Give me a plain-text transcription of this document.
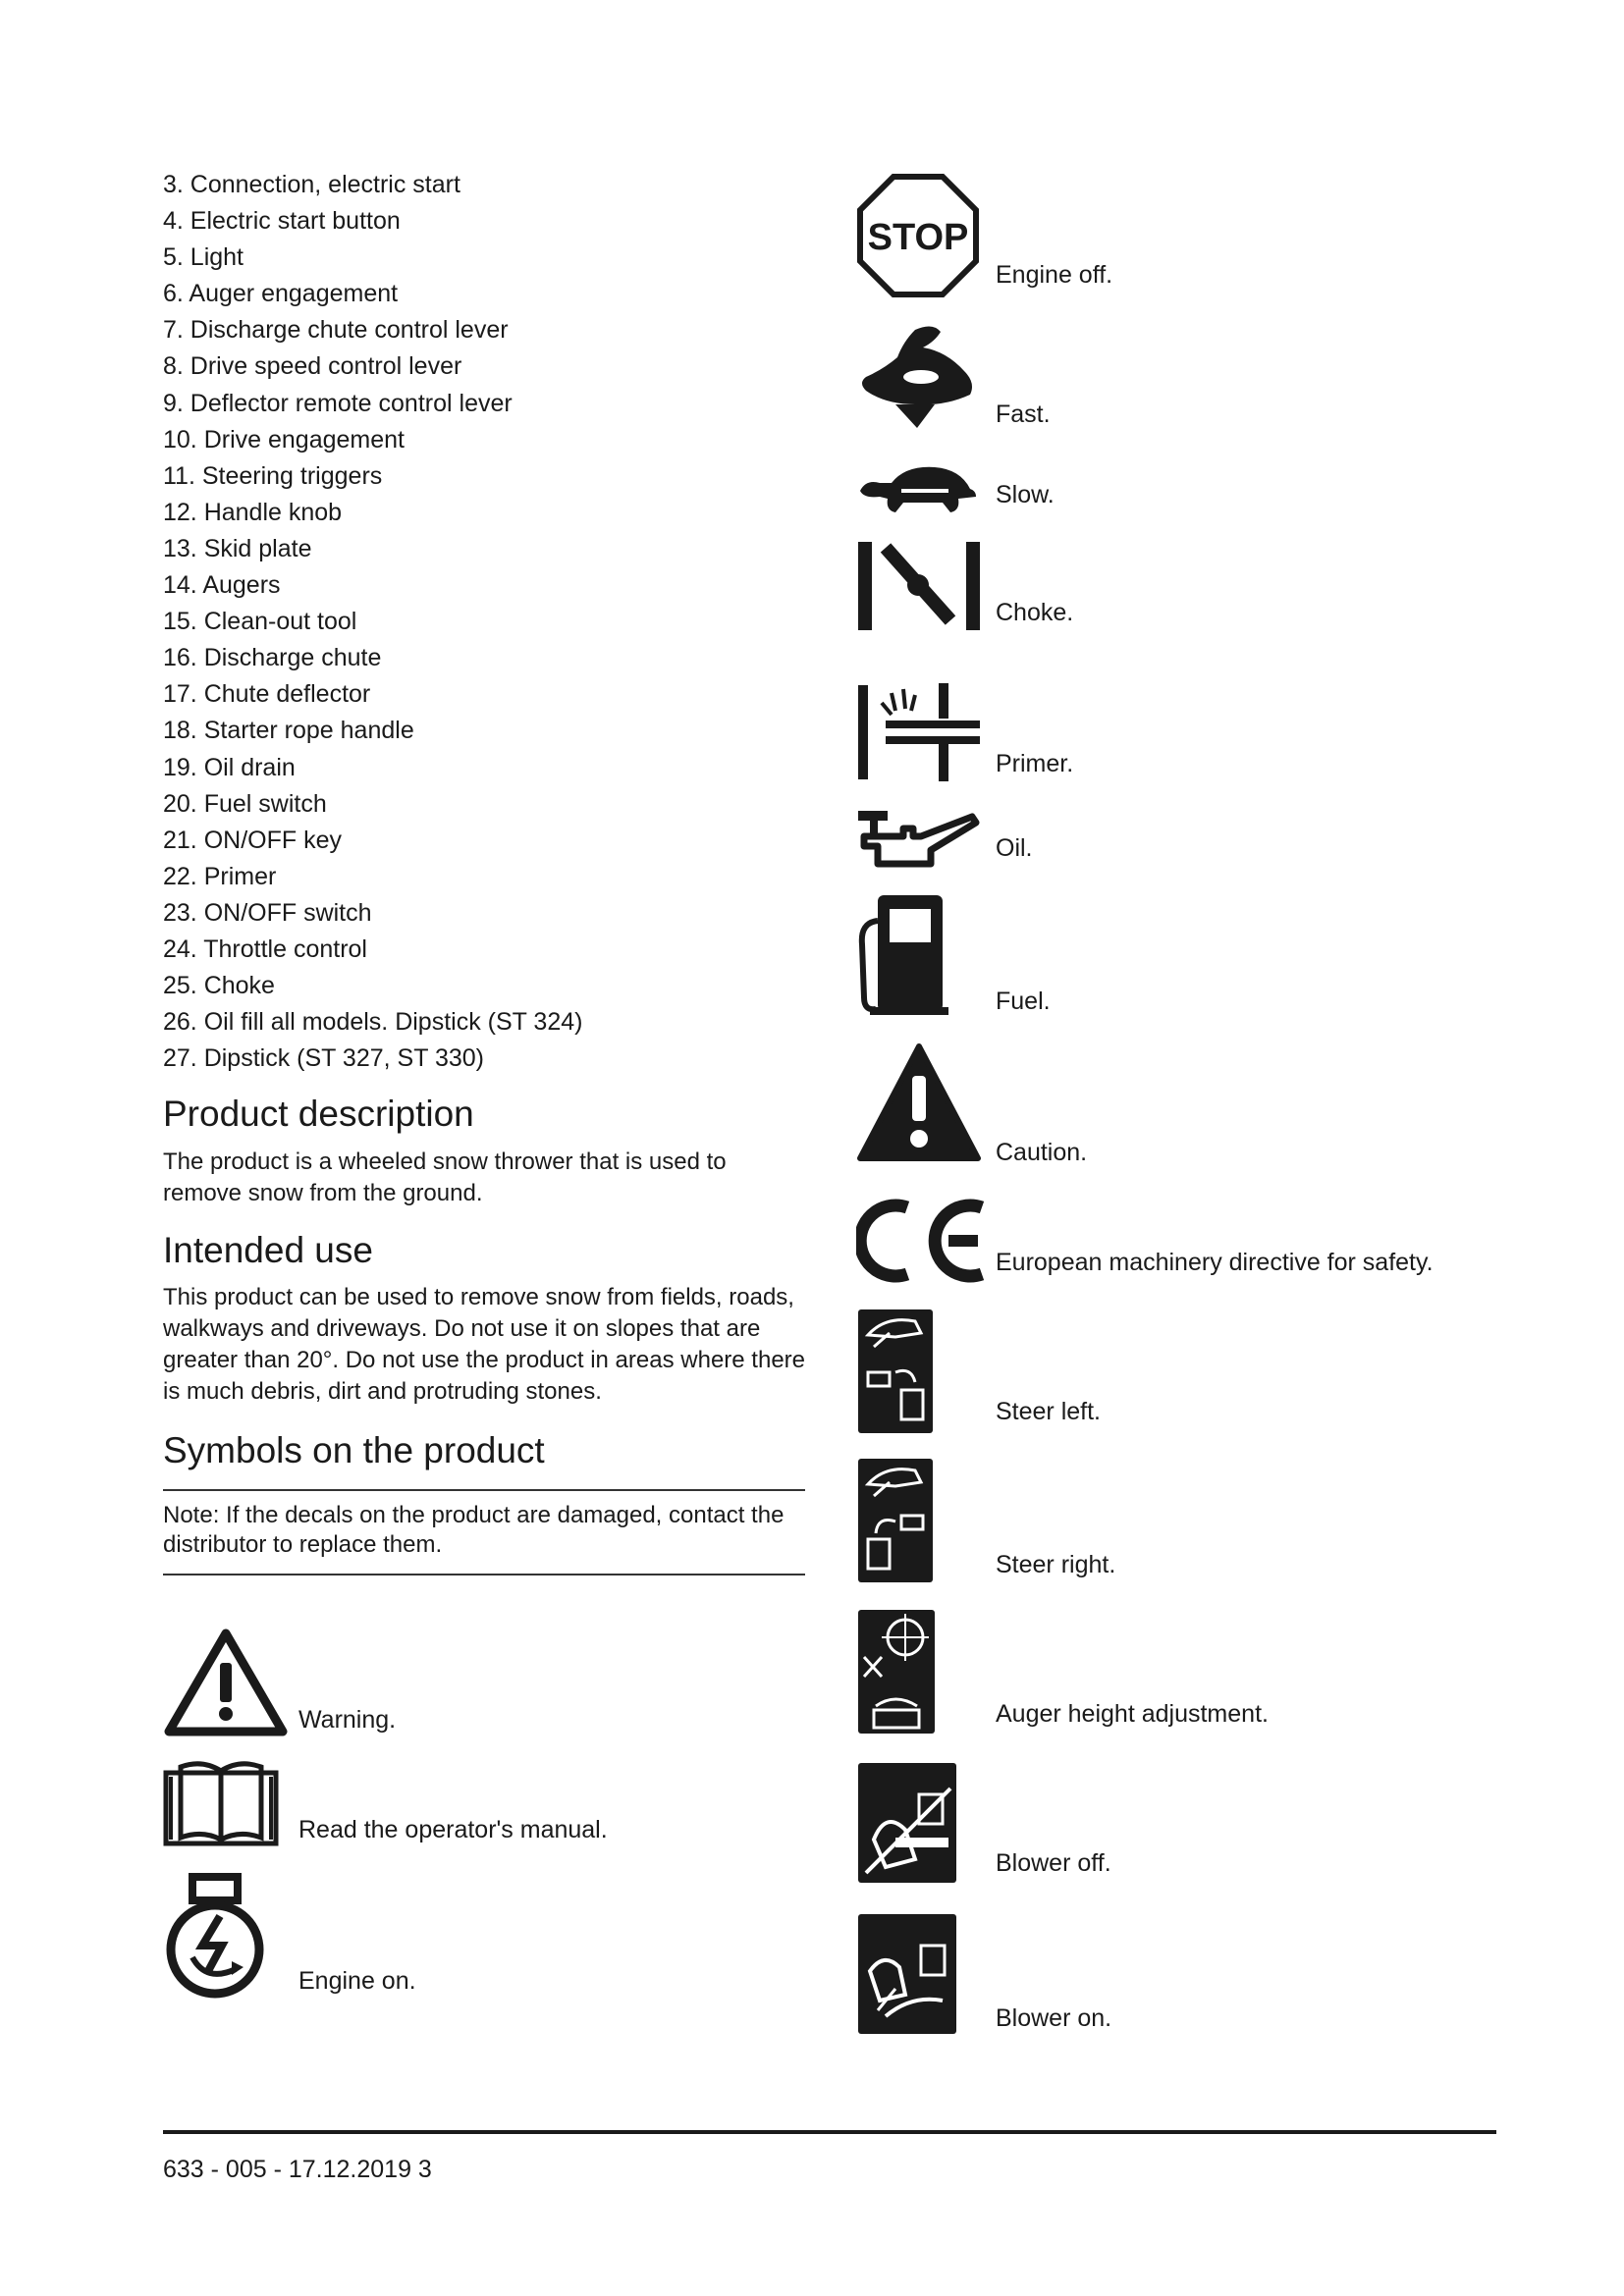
3. Connection, electric start
4. Electric start button
5. Light
6. Auger engagement
7. Discharge chute control lever
8. Drive speed control lever
9. Deflector remote control lever
10. Drive engagement
11. Steering triggers
12. Handle knob
13. Skid plate
14. Augers
15. Clean-out tool
16. Discharge chute
17. Chute deflector
18. Starter rope handle
19. Oil drain
20. Fuel switch
21. ON/OFF key
22. Primer
23. ON/OFF switch
24. Throttle control
25. Choke
26. Oil fill all models. Dipstick (ST 324)
27. Dipstick (ST 327, ST 330)
Product description

The product is a wheeled snow thrower that is used to remove snow from the ground.

Intended use

This product can be used to remove snow from fields, roads, walkways and driveways. Do not use it on slopes that are greater than 20°. Do not use the product in areas where there is much debris, dirt and protruding stones.

Symbols on the product
Note: If the decals on the product are damaged, contact the distributor to replace them.
Warning.
Read the operator's manual.
Engine on.
STOP
Engine off.
Fast.
Slow.
Choke.
Primer.
Oil.
Fuel.
Caution.
European machinery directive for safety.
Steer left.
Steer right.
Auger height adjustment.
Blower off.
Blower on.
633 - 005 - 17.12.2019 3
